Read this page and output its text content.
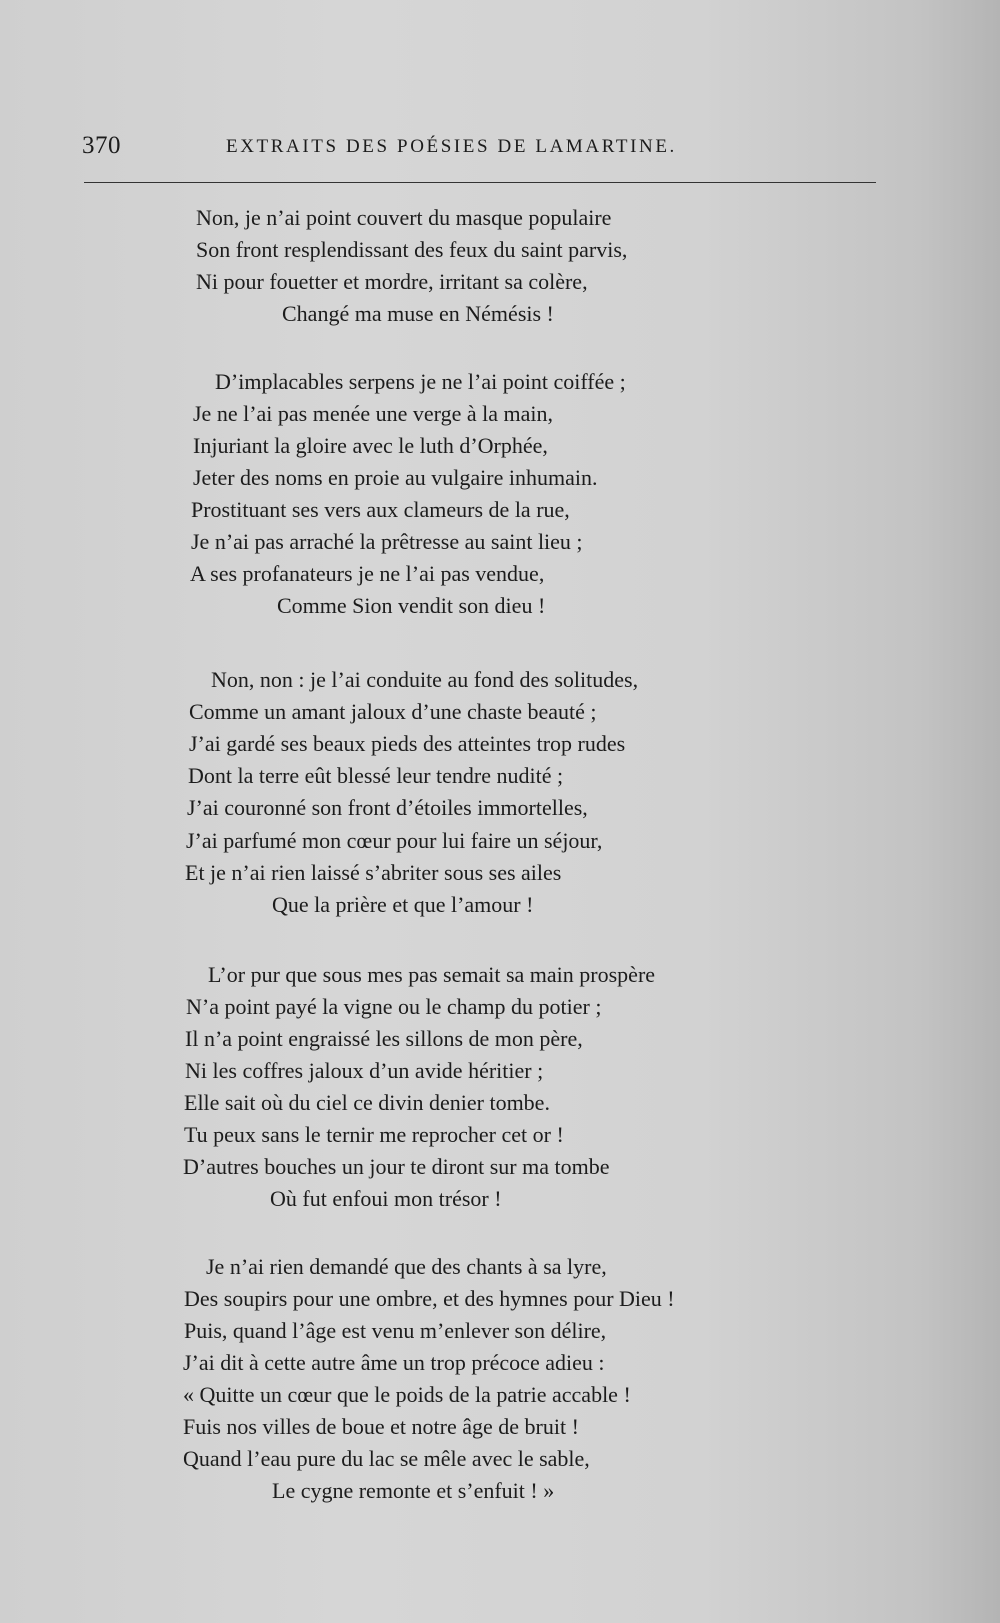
370	EXTRAITS DES POÉSIES DE LAMARTINE.
Non, je n’ai point couvert du masque populaire
Son front resplendissant des feux du saint parvis,
Ni pour fouetter et mordre, irritant sa colère,
Changé ma muse en Némésis !
D’implacables serpens je ne l’ai point coiffée ;
Je ne l’ai pas menée une verge à la main,
Injuriant la gloire avec le luth d’Orphée,
Jeter des noms en proie au vulgaire inhumain.
Prostituant ses vers aux clameurs de la rue,
Je n’ai pas arraché la prêtresse au saint lieu ;
A ses profanateurs je ne l’ai pas vendue,
Comme Sion vendit son dieu !
Non, non : je l’ai conduite au fond des solitudes,
Comme un amant jaloux d’une chaste beauté ;
J’ai gardé ses beaux pieds des atteintes trop rudes
Dont la terre eût blessé leur tendre nudité ;
J’ai couronné son front d’étoiles immortelles,
J’ai parfumé mon cœur pour lui faire un séjour,
Et je n’ai rien laissé s’abriter sous ses ailes
Que la prière et que l’amour !
L’or pur que sous mes pas semait sa main prospère
N’a point payé la vigne ou le champ du potier ;
Il n’a point engraissé les sillons de mon père,
Ni les coffres jaloux d’un avide héritier ;
Elle sait où du ciel ce divin denier tombe.
Tu peux sans le ternir me reprocher cet or !
D’autres bouches un jour te diront sur ma tombe
Où fut enfoui mon trésor !
Je n’ai rien demandé que des chants à sa lyre,
Des soupirs pour une ombre, et des hymnes pour Dieu !
Puis, quand l’âge est venu m’enlever son délire,
J’ai dit à cette autre âme un trop précoce adieu :
« Quitte un cœur que le poids de la patrie accable !
Fuis nos villes de boue et notre âge de bruit !
Quand l’eau pure du lac se mêle avec le sable,
Le cygne remonte et s’enfuit ! »
